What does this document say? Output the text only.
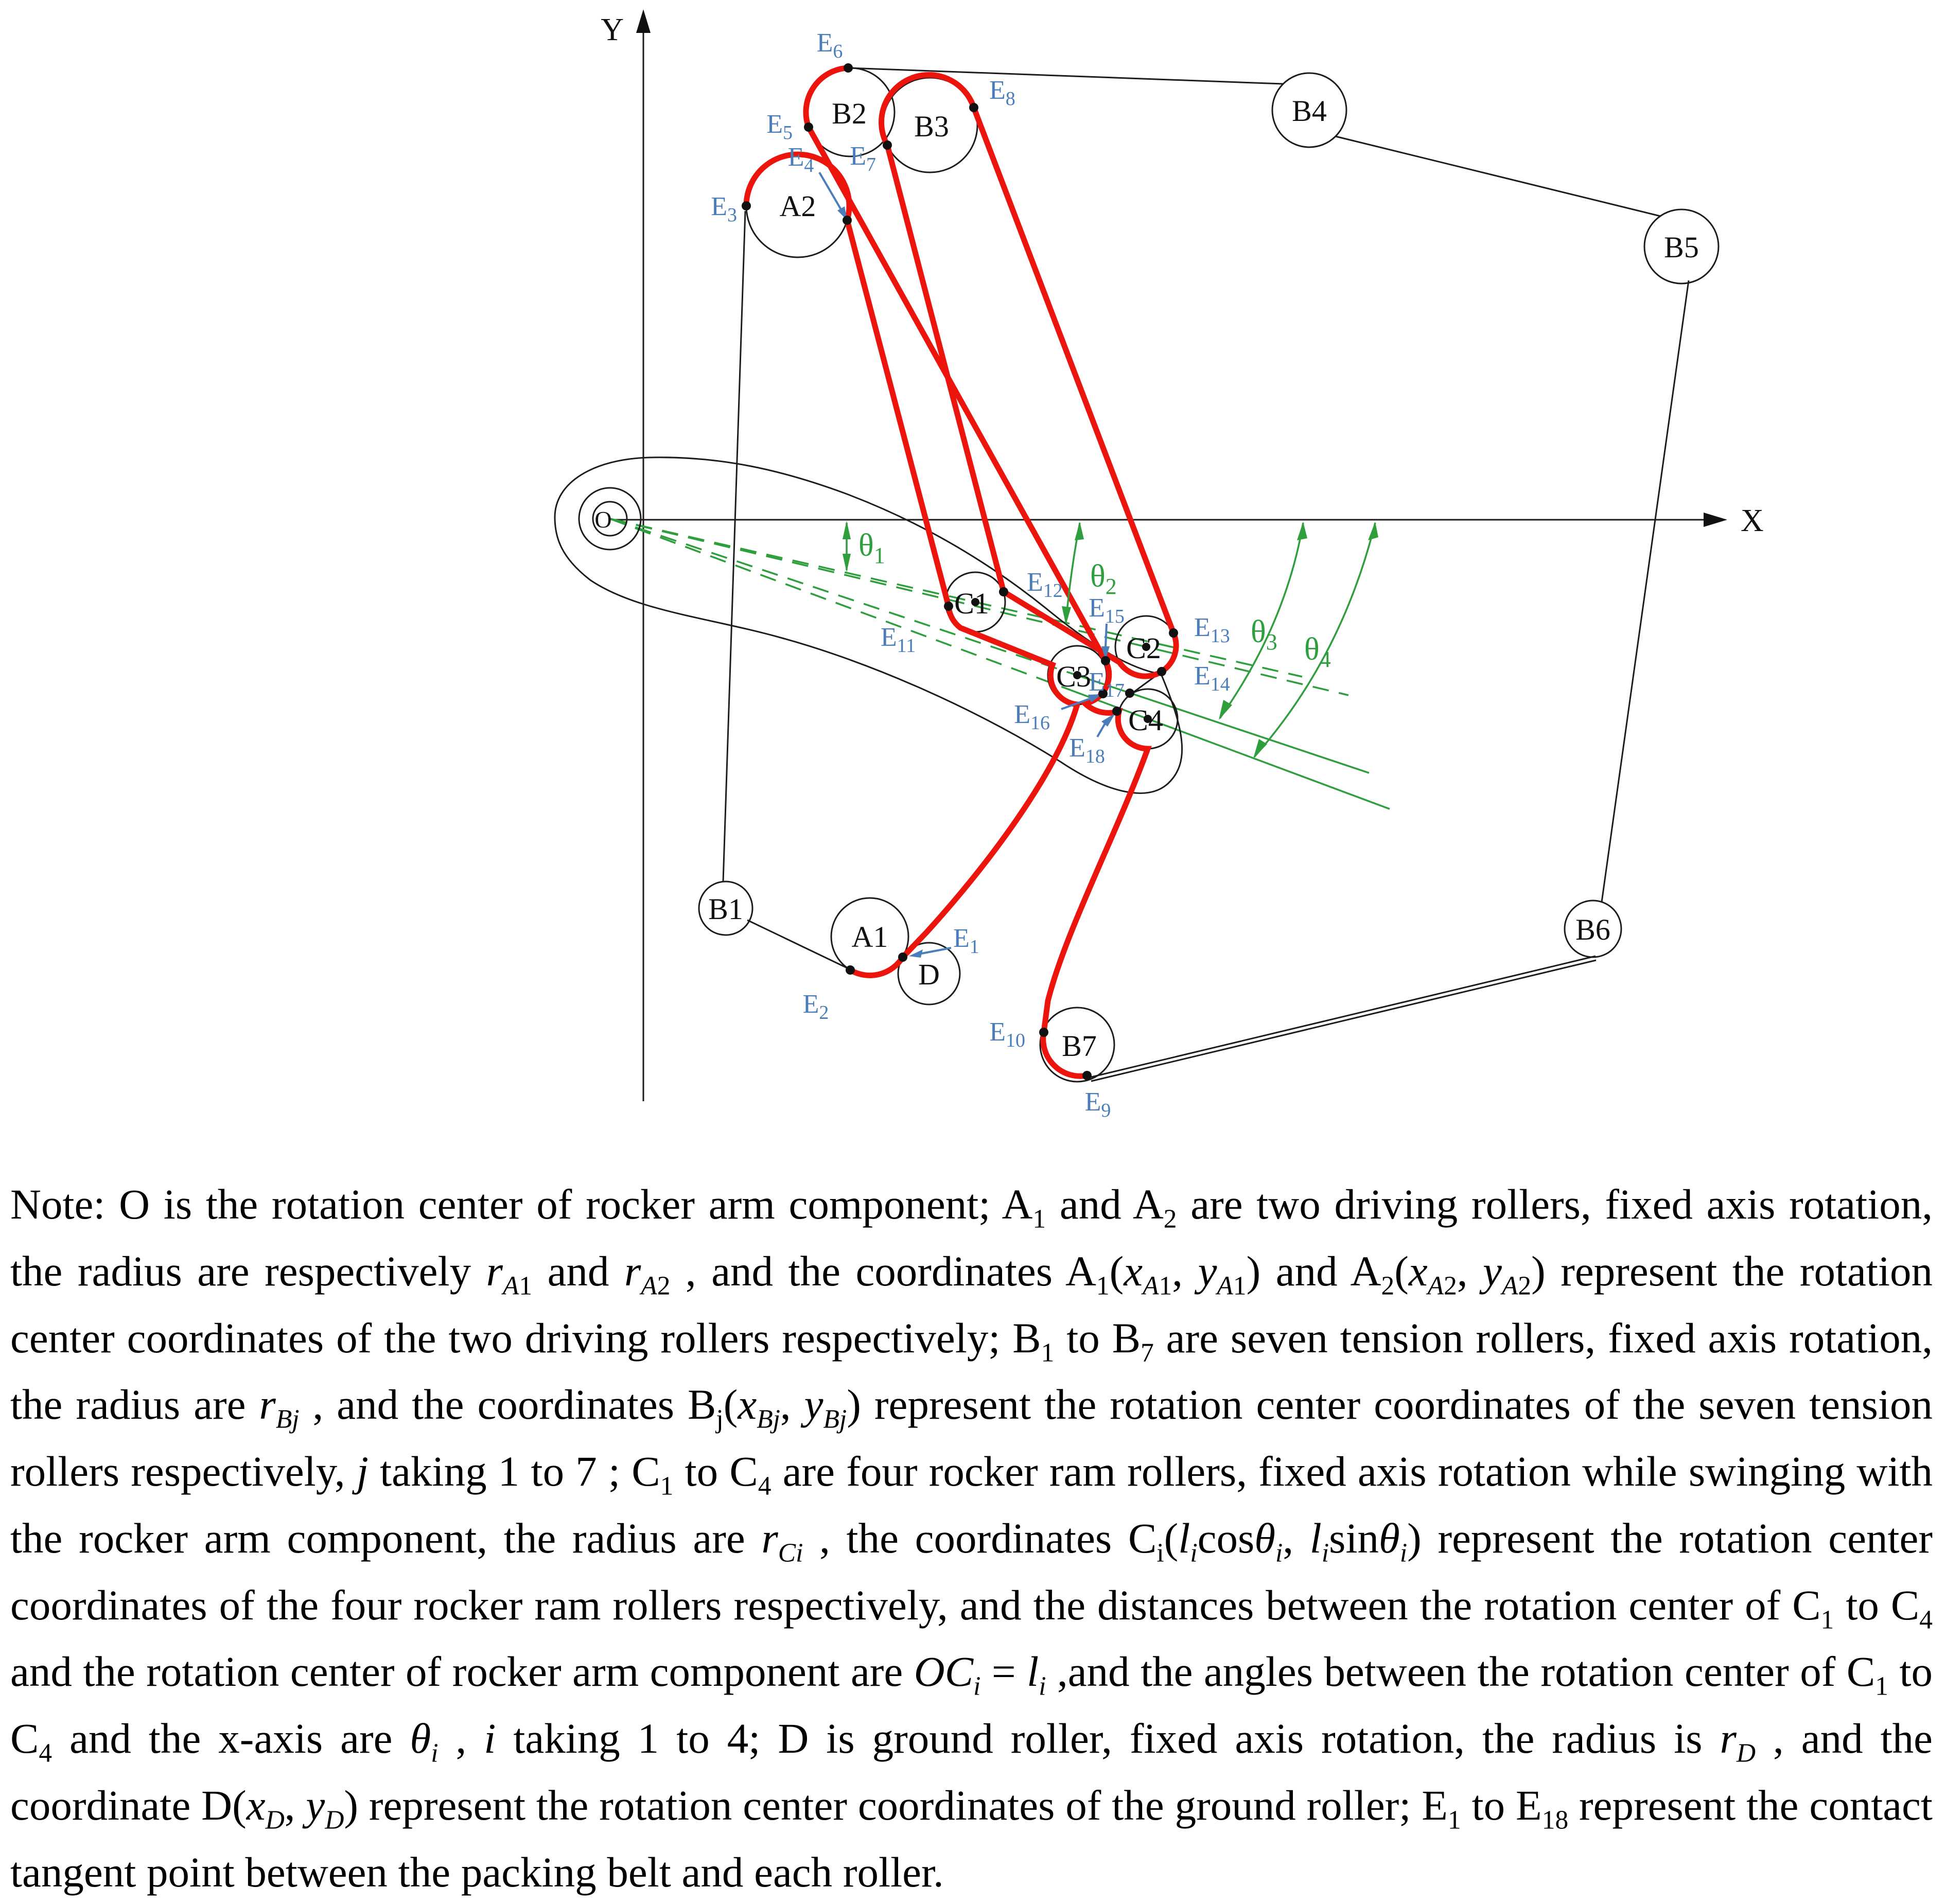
Y
X
O
A2
B2 B3	B4
B5
B6
B1
A1
D
B7
C1
C2
C3
C4
$E_1$
$E_2$
$E_3$
$E_4$
$E_5$
$E_6$
$E_7$
$E_8$
$E_9$
$E_{10}$
$E_{11}$
$E_{12}$
$E_{13}$
$E_{14}$
$E_{15}$
$E_{16}$
$E_{17}$
$E_{18}$
$\theta_1$
$\theta_2$
$\theta_3$ $\theta_4$
Note: O is the rotation center of rocker arm component; $A_1$ and $A_2$ are two driving rollers, fixed axis rotation, the radius are respectively $r_{A1}$ and $r_{A2}$ , and the coordinates $A_1(x_{A1}$, $y_{A1}$) and $A_2(x_{A2}$, $y_{A2}$) represent the rotation center coordinates of the two driving rollers respectively; $B_1$ to $B_7$ are seven tension rollers, fixed axis rotation, the radius are $r_{Bj}$ , and the coordinates $B_j(x_{Bj}$, $y_{Bj}$) represent the rotation center coordinates of the seven tension rollers respectively, j taking 1 to 7 ; $C_1$ to $C_4$ are four rocker ram rollers, fixed axis rotation while swinging with the rocker arm component, the radius are $r_{Ci}$ , the coordinates $C_i(l_i\cos\theta_i$, $l_i\sin\theta_i$) represent the rotation center coordinates of the four rocker ram rollers respectively, and the distances between the rotation center of $C_1$ to $C_4$ and the rotation center of rocker arm component are $OC_i = l_i$ ,and the angles between the rotation center of $C_1$ to $C_4$ and the x-axis are $\theta_i$ , i taking 1 to 4; D is ground roller, fixed axis rotation, the radius is $r_D$ , and the coordinate $D(x_D$, $y_D$) represent the rotation center coordinates of the ground roller; $E_1$ to $E_{18}$ represent the contact tangent point between the packing belt and each roller.
